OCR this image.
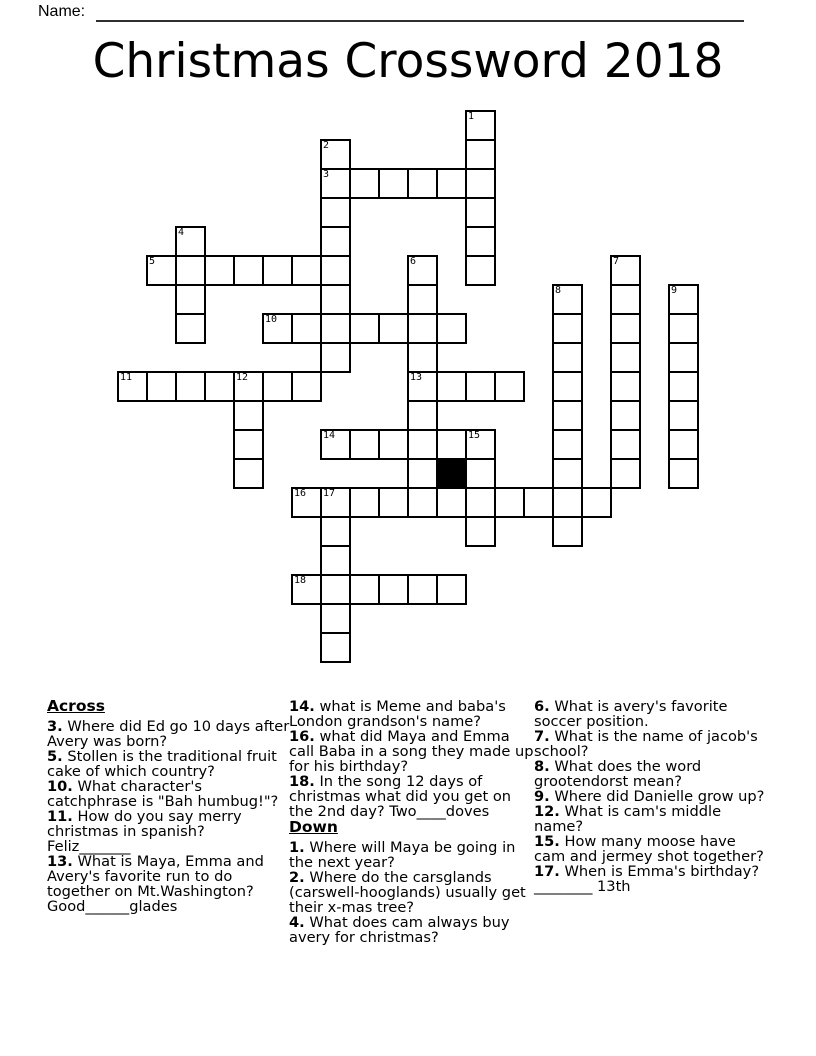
Name:
Christmas Crossword 2018
1
2
3
4
5	6
13
7
8	9
10
11	12
14	15
16 17
18
Across

3. Where did Ed go 10 days after Avery was born?

5. Stollen is the traditional fruit cake of which country?

10. What character's catchphrase is "Bah humbug!"?

11. How do you say merry christmas in spanish? Feliz_______

13. What is Maya, Emma and Avery's favorite run to do together on Mt.Washington? Good______glades

14. what is Meme and baba's London grandson's name?

16. what did Maya and Emma call Baba in a song they made up for his birthday?

18. In the song 12 days of christmas what did you get on the 2nd day? Two____doves

Down

1. Where will Maya be going in the next year?

2. Where do the carsglands (carswell-hooglands) usually get their x-mas tree?

4. What does cam always buy avery for christmas?

6. What is avery's favorite soccer position.

7. What is the name of jacob's school?

8. What does the word grootendorst mean?

9. Where did Danielle grow up?

12. What is cam's middle name?

15. How many moose have cam and jermey shot together?

17. When is Emma's birthday? ________ 13th
